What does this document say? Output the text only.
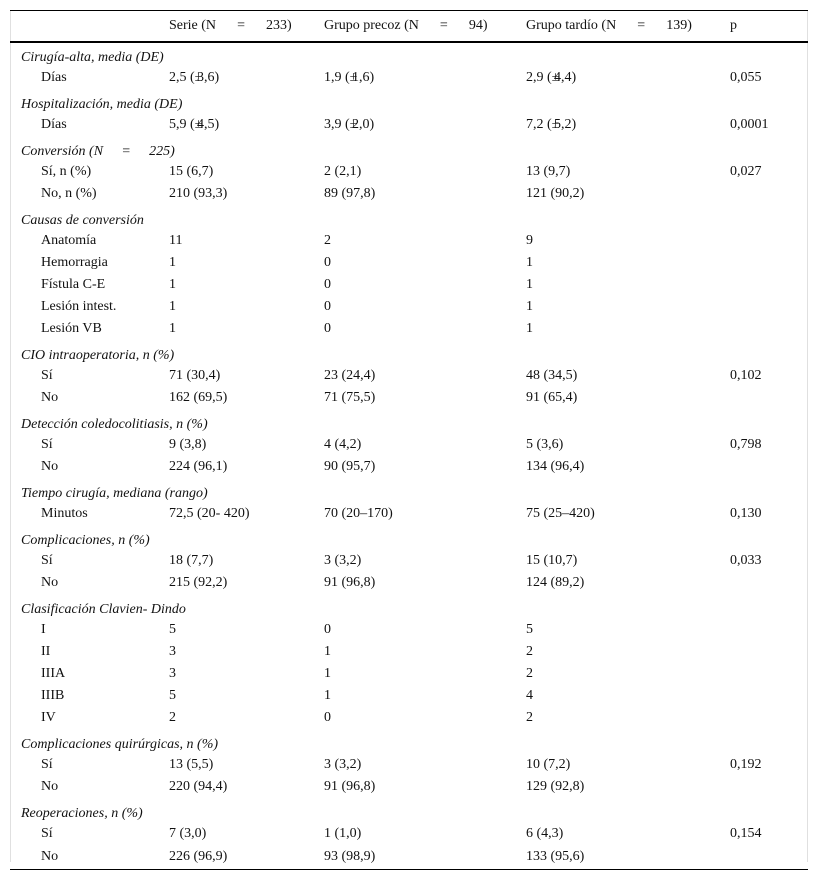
	Serie (N = 233)	Grupo precoz (N = 94)	Grupo tardío (N = 139)	p
Cirugía-alta, media (DE)				
Días	2,5 (±3,6)	1,9 (±1,6)	2,9 (±4,4)	0,055
Hospitalización, media (DE)				
Días	5,9 (±4,5)	3,9 (±2,0)	7,2 (±5,2)	0,0001
Conversión (N = 225)				
Sí, n (%)	15 (6,7)	2 (2,1)	13 (9,7)	0,027
No, n (%)	210 (93,3)	89 (97,8)	121 (90,2)	
Causas de conversión				
Anatomía	11	2	9	
Hemorragia	1	0	1	
Fístula C-E	1	0	1	
Lesión intest.	1	0	1	
Lesión VB	1	0	1	
CIO intraoperatoria, n (%)				
Sí	71 (30,4)	23 (24,4)	48 (34,5)	0,102
No	162 (69,5)	71 (75,5)	91 (65,4)	
Detección coledocolitiasis, n (%)				
Sí	9 (3,8)	4 (4,2)	5 (3,6)	0,798
No	224 (96,1)	90 (95,7)	134 (96,4)	
Tiempo cirugía, mediana (rango)				
Minutos	72,5 (20- 420)	70 (20–170)	75 (25–420)	0,130
Complicaciones, n (%)				
Sí	18 (7,7)	3 (3,2)	15 (10,7)	0,033
No	215 (92,2)	91 (96,8)	124 (89,2)	
Clasificación Clavien- Dindo				
I	5	0	5	
II	3	1	2	
IIIA	3	1	2	
IIIB	5	1	4	
IV	2	0	2	
Complicaciones quirúrgicas, n (%)				
Sí	13 (5,5)	3 (3,2)	10 (7,2)	0,192
No	220 (94,4)	91 (96,8)	129 (92,8)	
Reoperaciones, n (%)				
Sí	7 (3,0)	1 (1,0)	6 (4,3)	0,154
No	226 (96,9)	93 (98,9)	133 (95,6)	
